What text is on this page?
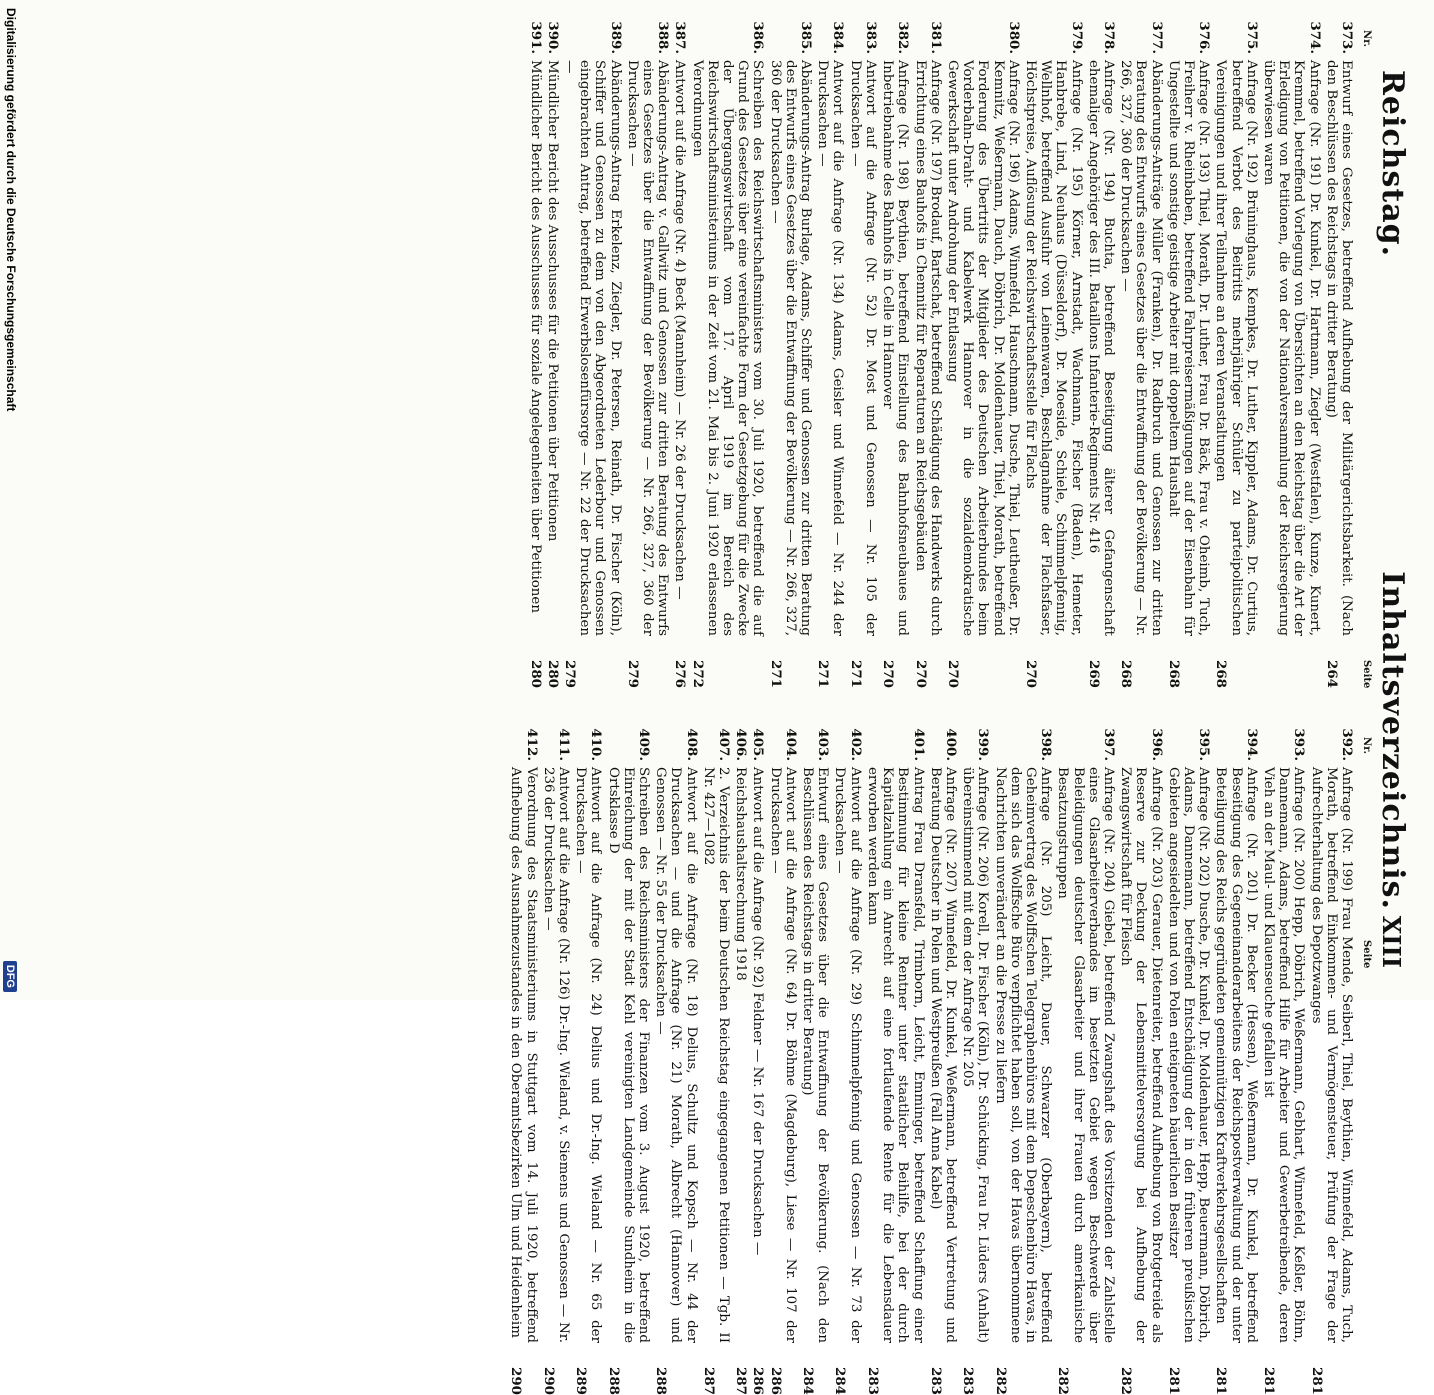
Reichstag.
Inhaltsverzeichnis.
XIII
Nr.
Seite
Nr.
Seite
373.
Entwurf eines Gesetzes, betreffend Aufhebung der Militärgerichtsbarkeit. (Nach den Beschlüssen des Reichstags in dritter Beratung)
264
374.
Anfrage (Nr. 191) Dr. Kunkel, Dr. Hartmann, Ziegler (Westfalen), Kunze, Kunert, Kremmel, betreffend Vorlegung von Übersichten an den Reichstag über die Art der Erledigung von Petitionen, die von der Nationalversammlung der Reichsregierung überwiesen waren
375.
Anfrage (Nr. 192) Brüninghaus, Kempkes, Dr. Luther, Kippler, Adams, Dr. Curtius, betreffend Verbot des Beitritts mehrjähriger Schüler zu parteipolitischen Vereinigungen und ihrer Teilnahme an deren Veranstaltungen
268
376.
Anfrage (Nr. 193) Thiel, Morath, Dr. Luther, Frau Dr. Bäck, Frau v. Oheimb, Tuch, Freiherr v. Rheinbaben, betreffend Fahrpreisermäßigungen auf der Eisenbahn für Ungestellte und sonstige geistige Arbeiter mit doppeltem Haushalt
268
377.
Abänderungs-Anträge Müller (Franken), Dr. Radbruch und Genossen zur dritten Beratung des Entwurfs eines Gesetzes über die Entwaffnung der Bevölkerung — Nr. 266, 327, 360 der Drucksachen —
268
378.
Anfrage (Nr. 194) Buchta, betreffend Beseitigung älterer Gefangenschaft ehemaliger Angehöriger des III. Bataillons Infanterie-Regiments Nr. 416
269
379.
Anfrage (Nr. 195) Körner, Arnstadt, Wachmann, Fischer (Baden), Hemeter, Hanbrebe, Lind, Neuhaus (Düsseldorf), Dr. Moeside, Schiele, Schimmelpfennig, Wellnhof, betreffend Ausfuhr von Leinenwaren, Beschlagnahme der Flachsfaser, Höchstpreise, Auflösung der Reichswirtschaftsstelle für Flachs
270
380.
Anfrage (Nr. 196) Adams, Winnefeld, Hauschmann, Dusche, Thiel, Leutheußer, Dr. Kemnitz, Weßermann, Dauch, Döbrich, Dr. Moldenhauer, Thiel, Morath, betreffend Forderung des Übertritts der Mitglieder des Deutschen Arbeiterbundes beim Vorderbahn-Draht- und Kabelwerk Hannover in die sozialdemokratische Gewerkschaft unter Androhung der Entlassung
270
381.
Anfrage (Nr. 197) Brodauf, Bartschat, betreffend Schädigung des Handwerks durch Errichtung eines Bauhofs in Chemnitz für Reparaturen an Reichsgebäuden
270
382.
Anfrage (Nr. 198) Beythien, betreffend Einstellung des Bahnhofsneubaues und Inbetriebnahme des Bahnhofs in Celle in Hannover
270
383.
Antwort auf die Anfrage (Nr. 52) Dr. Most und Genossen — Nr. 105 der Drucksachen —
271
384.
Antwort auf die Anfrage (Nr. 134) Adams, Geisler und Winnefeld — Nr. 244 der Drucksachen —
271
385.
Abänderungs-Antrag Burlage, Adams, Schiffer und Genossen zur dritten Beratung des Entwurfs eines Gesetzes über die Entwaffnung der Bevölkerung — Nr. 266, 327, 360 der Drucksachen —
271
386.
Schreiben des Reichswirtschaftsministers vom 30. Juli 1920, betreffend die auf Grund des Gesetzes über eine vereinfachte Form der Gesetzgebung für die Zwecke der Übergangswirtschaft vom 17. April 1919 im Bereich des Reichswirtschaftsministeriums in der Zeit vom 21. Mai bis 2. Juni 1920 erlassenen Verordnungen
272
387.
Antwort auf die Anfrage (Nr. 4) Beck (Mannheim) — Nr. 26 der Drucksachen —
276
388.
Abänderungs-Antrag v. Gallwitz und Genossen zur dritten Beratung des Entwurfs eines Gesetzes über die Entwaffnung der Bevölkerung — Nr. 266, 327, 360 der Drucksachen —
279
389.
Abänderungs-Antrag Erkelenz, Ziegler, Dr. Petersen, Reinath, Dr. Fischer (Köln), Schiffer und Genossen zu dem von den Abgeordneten Lederbour und Genossen eingebrachten Antrag, betreffend Erwerbslosenfürsorge — Nr. 22 der Drucksachen —
279
390.
Mündlicher Bericht des Ausschusses für die Petitionen über Petitionen
280
391.
Mündlicher Bericht des Ausschusses für soziale Angelegenheiten über Petitionen
280
392.
Anfrage (Nr. 199) Frau Mende, Seiberl, Thiel, Beythien, Winnefeld, Adams, Tuch, Morath, betreffend Einkommen- und Vermögensteuer, Prüfung der Frage der Aufrechterhaltung des Depotzwanges
281
393.
Anfrage (Nr. 200) Hepp, Döbrich, Weßermann, Gebhart, Winnefeld, Keßler, Böhm, Dannemann, Adams, betreffend Hilfe für Arbeiter und Gewerbetreibende, deren Vieh an der Maul- und Klauenseuche gefallen ist
281
394.
Anfrage (Nr. 201) Dr. Becker (Hessen), Weßermann, Dr. Kunkel, betreffend Beseitigung des Gegeneinanderarbeitens der Reichspostverwaltung und der unter Beteiligung des Reichs gegründeten gemeinnützigen Kraftverkehrsgesellschaften
281
395.
Anfrage (Nr. 202) Dusche, Dr. Kunkel, Dr. Moldenhauer, Hepp, Beuermann, Döbrich, Adams, Dannemann, betreffend Entschädigung der in den früheren preußischen Gebieten angesiedelten und von Polen enteigneten bäuerlichen Besitzer
281
396.
Anfrage (Nr. 203) Gerauer, Dietenreiter, betreffend Aufhebung von Brotgetreide als Reserve zur Deckung der Lebensmittelversorgung bei Aufhebung der Zwangswirtschaft für Fleisch
282
397.
Anfrage (Nr. 204) Giebel, betreffend Zwangshaft des Vorsitzenden der Zahlstelle eines Glasarbeiterverbandes im besetzten Gebiet wegen Beschwerde über Beleidigungen deutscher Glasarbeiter und ihrer Frauen durch amerikanische Besatzungstruppen
282
398.
Anfrage (Nr. 205) Leicht, Dauer, Schwarzer (Oberbayern), betreffend Geheimvertrag des Wolffschen Telegraphenbüros mit dem Depeschenbüro Havas, in dem sich das Wolffsche Büro verpflichtet haben soll, von der Havas übernommene Nachrichten unverändert an die Presse zu liefern
282
399.
Anfrage (Nr. 206) Korell, Dr. Fischer (Köln), Dr. Schücking, Frau Dr. Lüders (Anhalt) übereinstimmend mit dem der Anfrage Nr. 205
283
400.
Anfrage (Nr. 207) Winnefeld, Dr. Kunkel, Weßermann, betreffend Vertretung und Beratung Deutscher in Polen und Westpreußen (Fall Anna Kabel)
283
401.
Antrag Frau Dransfeld, Trimborn, Leicht, Emminger, betreffend Schaffung einer Bestimmung für kleine Rentner unter staatlicher Beihilfe, bei der durch Kapitalzahlung ein Anrecht auf eine fortlaufende Rente für die Lebensdauer erworben werden kann
283
402.
Antwort auf die Anfrage (Nr. 29) Schimmelpfennig und Genossen — Nr. 73 der Drucksachen —
284
403.
Entwurf eines Gesetzes über die Entwaffnung der Bevölkerung. (Nach den Beschlüssen des Reichstags in dritter Beratung)
284
404.
Antwort auf die Anfrage (Nr. 64) Dr. Böhme (Magdeburg), Liese — Nr. 107 der Drucksachen —
286
405.
Antwort auf die Anfrage (Nr. 92) Feldner — Nr. 167 der Drucksachen —
286
406.
Reichshaushaltsrechnung 1918
287
407.
2. Verzeichnis der beim Deutschen Reichstag eingegangenen Petitionen — Tgb. II Nr. 427—1082
287
408.
Antwort auf die Anfrage (Nr. 18) Delius, Schultz und Kopsch — Nr. 44 der Drucksachen — und die Anfrage (Nr. 21) Morath, Albrecht (Hannover) und Genossen — Nr. 55 der Drucksachen —
288
409.
Schreiben des Reichsministers der Finanzen vom 3. August 1920, betreffend Einreichung der mit der Stadt Kehl vereinigten Landgemeinde Sundheim in die Ortsklasse D
288
410.
Antwort auf die Anfrage (Nr. 24) Delius und Dr.-Ing. Wieland — Nr. 65 der Drucksachen —
289
411.
Antwort auf die Anfrage (Nr. 126) Dr.-Ing. Wieland, v. Siemens und Genossen — Nr. 236 der Drucksachen —
290
412.
Verordnung des Staatsministeriums in Stuttgart vom 14. Juli 1920, betreffend Aufhebung des Ausnahmezustandes in den Oberamtsbezirken Ulm und Heidenheim
290
Digitalisierung gefördert durch die Deutsche Forschungsgemeinschaft
DFG
